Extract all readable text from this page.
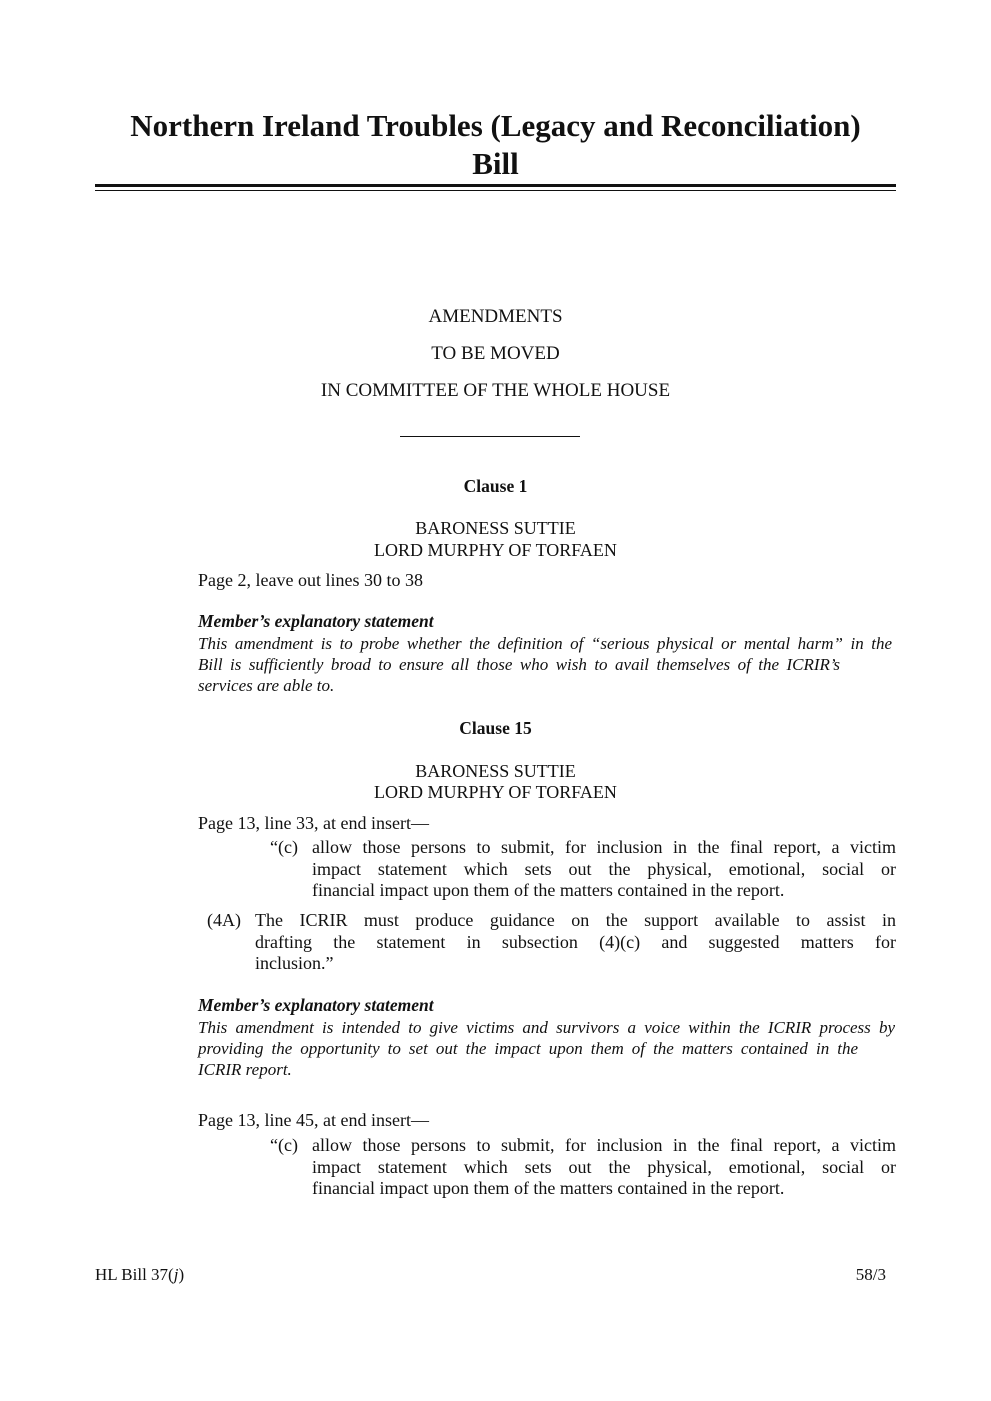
Northern Ireland Troubles (Legacy and Reconciliation)
Bill
AMENDMENTS
TO BE MOVED
IN COMMITTEE OF THE WHOLE HOUSE
Clause 1
BARONESS SUTTIE
LORD MURPHY OF TORFAEN
Page 2, leave out lines 30 to 38
Member’s explanatory statement
This amendment is to probe whether the definition of “serious physical or mental harm” in the
Bill is sufficiently broad to ensure all those who wish to avail themselves of the ICRIR’s
services are able to.
Clause 15
BARONESS SUTTIE
LORD MURPHY OF TORFAEN
Page 13, line 33, at end insert—
“(c) allow those persons to submit, for inclusion in the final report, a victim
impact statement which sets out the physical, emotional, social or
financial impact upon them of the matters contained in the report.
(4A) The ICRIR must produce guidance on the support available to assist in
drafting the statement in subsection (4)(c) and suggested matters for
inclusion.”
Member’s explanatory statement
This amendment is intended to give victims and survivors a voice within the ICRIR process by
providing the opportunity to set out the impact upon them of the matters contained in the
ICRIR report.
Page 13, line 45, at end insert—
“(c) allow those persons to submit, for inclusion in the final report, a victim
impact statement which sets out the physical, emotional, social or
financial impact upon them of the matters contained in the report.
HL Bill 37(j)	58/3
